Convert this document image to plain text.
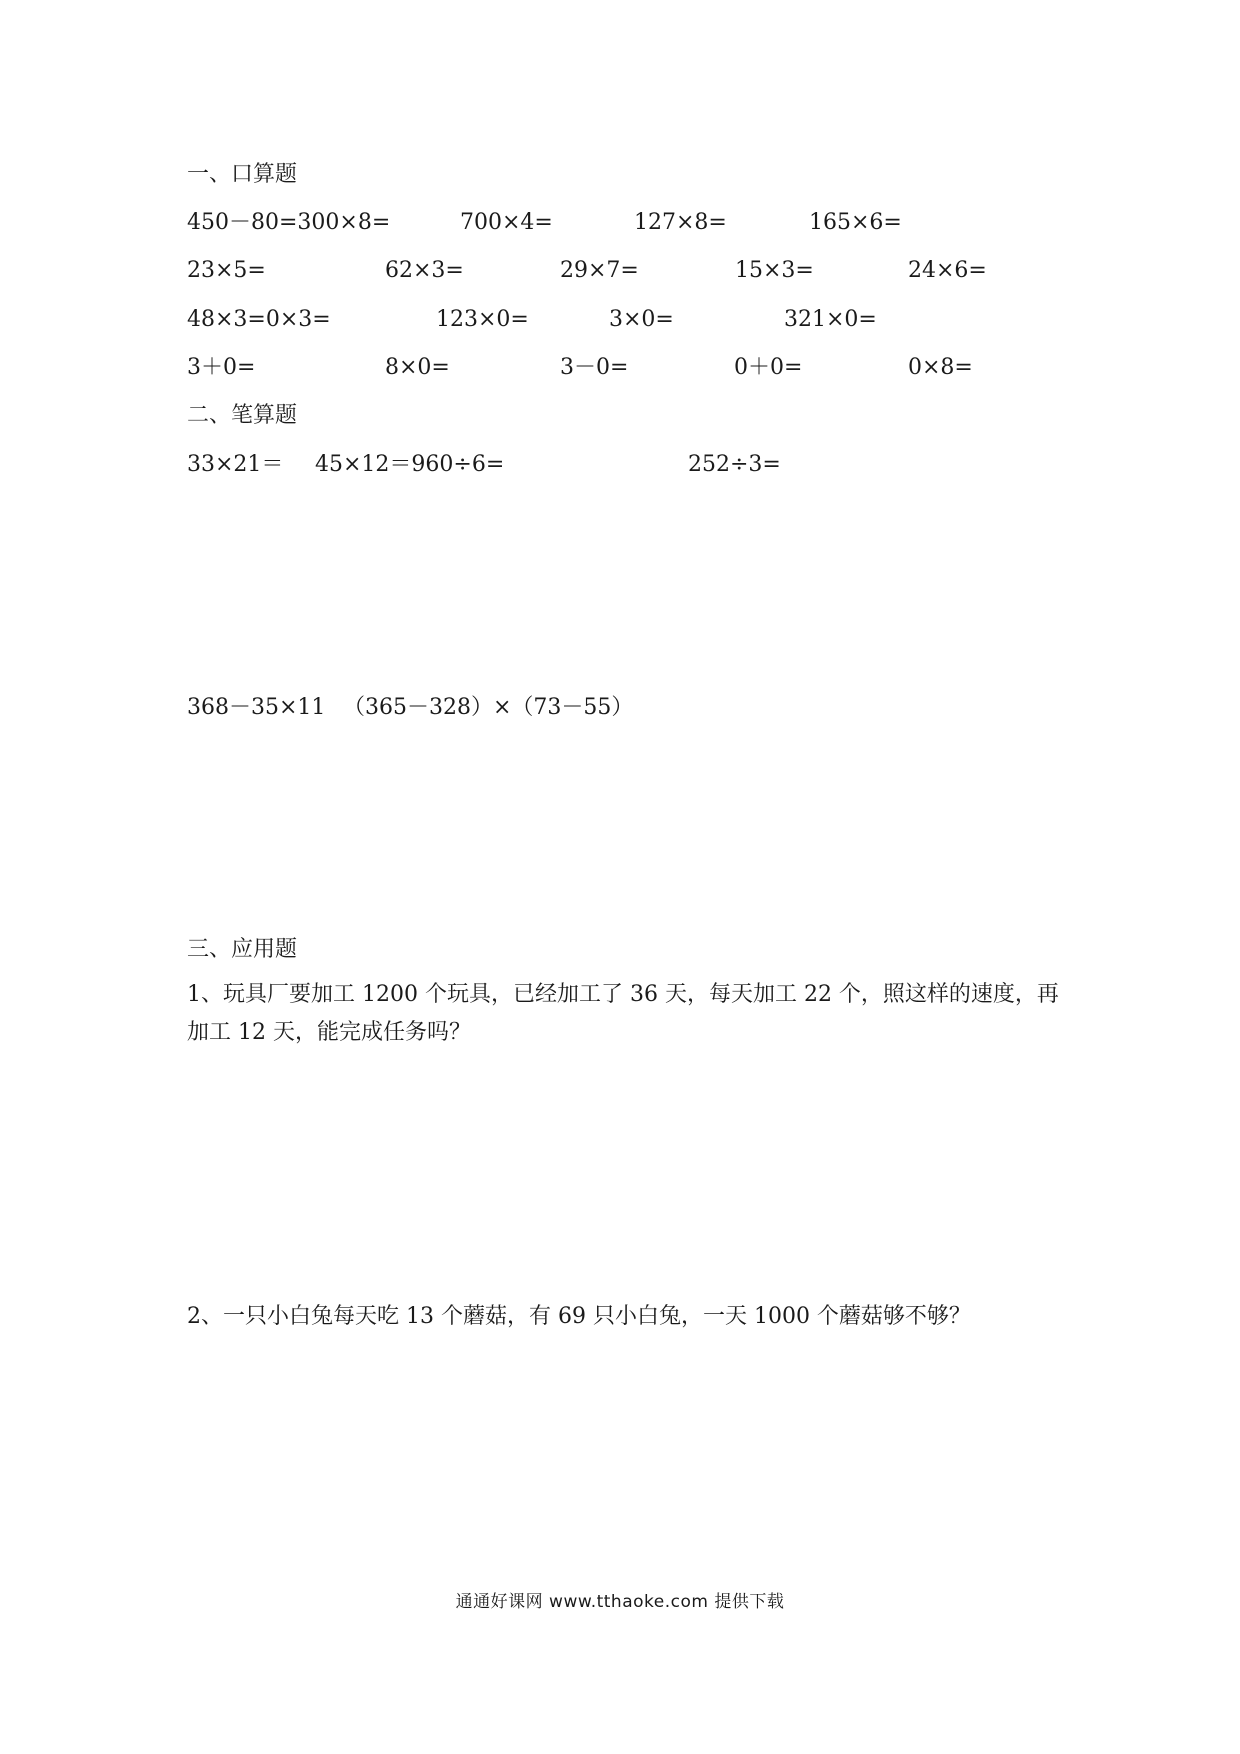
一、口算题
450－80=300×8=	700×4=	127×8=	165×6=
23×5=	62×3=	29×7=	15×3=	24×6=
48×3=0×3=	123×0=	3×0=	321×0=
3＋0=	8×0=	3－0=	0＋0=	0×8=
二、笔算题
33×21＝ 45×12＝960÷6=	252÷3=
368－35×11 （365－328）×（73－55）
三、应用题
1、玩具厂要加工 1200 个玩具，已经加工了 36 天，每天加工 22 个，照这样的速度，再加工 12 天，能完成任务吗？
2、一只小白兔每天吃 13 个蘑菇，有 69 只小白兔，一天 1000 个蘑菇够不够？
通通好课网 www.tthaoke.com 提供下载
